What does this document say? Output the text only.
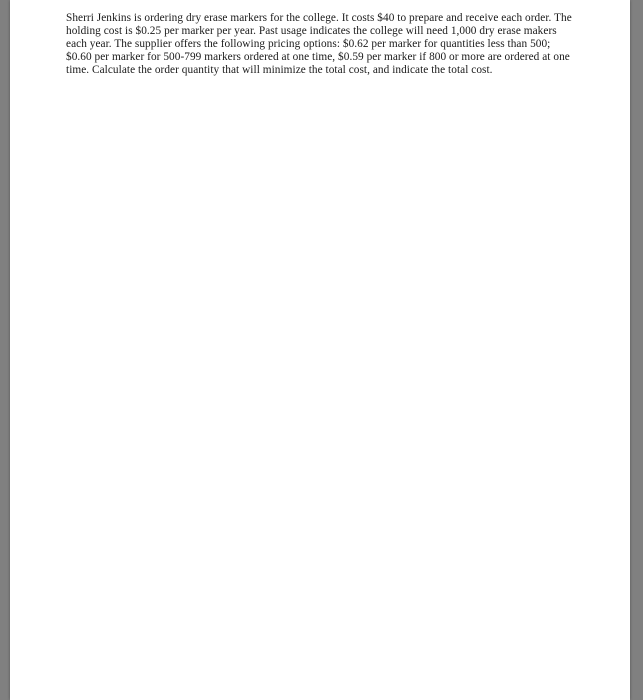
Sherri Jenkins is ordering dry erase markers for the college. It costs $40 to prepare and receive each order. The holding cost is $0.25 per marker per year. Past usage indicates the college will need 1,000 dry erase makers each year. The supplier offers the following pricing options: $0.62 per marker for quantities less than 500; $0.60 per marker for 500-799 markers ordered at one time, $0.59 per marker if 800 or more are ordered at one time. Calculate the order quantity that will minimize the total cost, and indicate the total cost.
